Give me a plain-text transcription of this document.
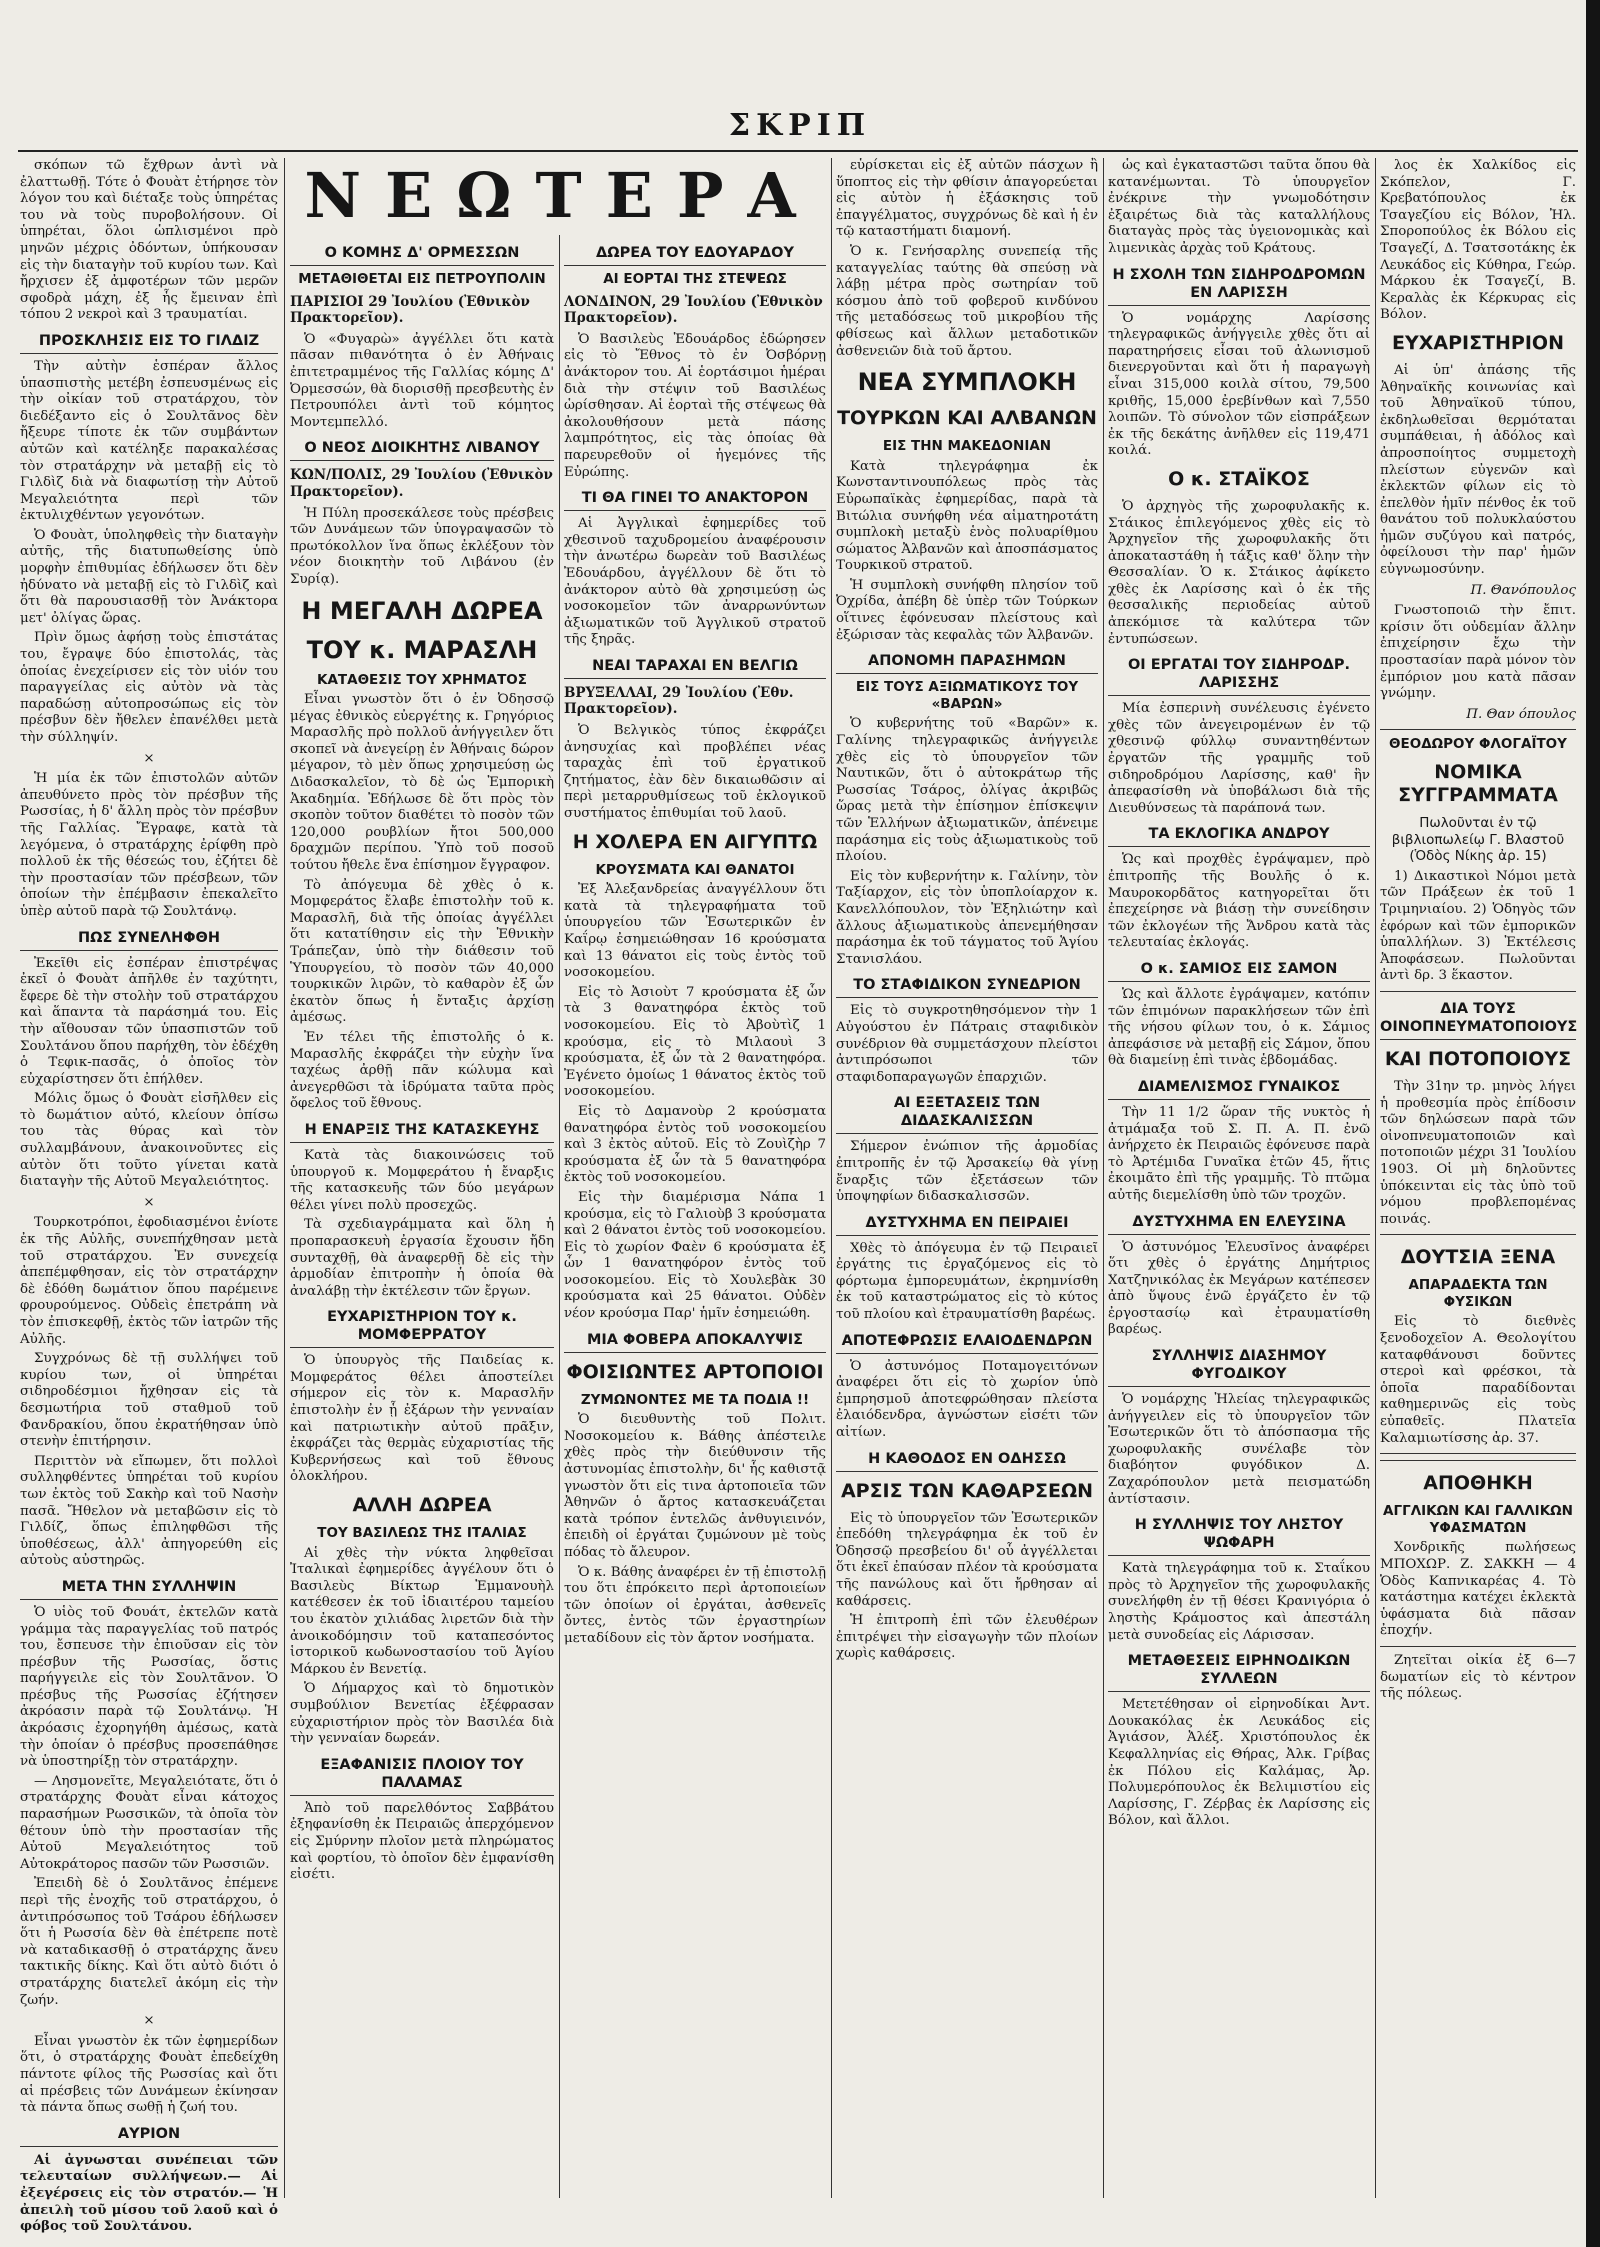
ΣΚΡΙΠ
ΝΕΩΤΕΡΑ

σκόπων τῶ ἔχθρων ἀντὶ νὰ ἐλαττωθῇ. Τότε ὁ Φουὰτ ἐτήρησε τὸν λόγον του καὶ διέταξε τοὺς ὑπηρέτας του νὰ τοὺς πυροβολήσουν. Οἱ ὑπηρέται, ὅλοι ὡπλισμένοι πρὸ μηνῶν μέχρις ὀδόντων, ὑπήκουσαν εἰς τὴν διαταγὴν τοῦ κυρίου των. Καὶ ἤρχισεν ἐξ ἀμφοτέρων τῶν μερῶν σφοδρὰ μάχη, ἐξ ἧς ἔμειναν ἐπὶ τόπου 2 νεκροὶ καὶ 3 τραυματίαι.

ΠΡΟΣΚΛΗΣΙΣ ΕΙΣ ΤΟ ΓΙΛΔΙΖ

Τὴν αὐτὴν ἑσπέραν ἄλλος ὑπασπιστὴς μετέβη ἐσπευσμένως εἰς τὴν οἰκίαν τοῦ στρατάρχου, τὸν διεδέξαντο εἰς ὁ Σουλτᾶνος δὲν ἤξευρε τίποτε ἐκ τῶν συμβάντων αὐτῶν καὶ κατέληξε παρακαλέσας τὸν στρατάρχην νὰ μεταβῇ εἰς τὸ Γιλδὶζ διὰ νὰ διαφωτίσῃ τὴν Αὐτοῦ Μεγαλειότητα περὶ τῶν ἐκτυλιχθέντων γεγονότων.

Ὁ Φουὰτ, ὑποληφθεὶς τὴν διαταγὴν αὐτῆς, τῆς διατυπωθείσης ὑπὸ μορφὴν ἐπιθυμίας ἐδήλωσεν ὅτι δὲν ἠδύνατο νὰ μεταβῇ εἰς τὸ Γιλδὶζ καὶ ὅτι θὰ παρουσιασθῇ τὸν Ἀνάκτορα μετ' ὀλίγας ὥρας.

Πρὶν ὅμως ἀφήσῃ τοὺς ἐπιστάτας του, ἔγραψε δύο ἐπιστολάς, τὰς ὁποίας ἐνεχείρισεν εἰς τὸν υἱόν του παραγγείλας εἰς αὐτὸν νὰ τὰς παραδώσῃ αὐτοπροσώπως εἰς τὸν πρέσβυν δὲν ἤθελεν ἐπανέλθει μετὰ τὴν σύλληψίν.

×

Ἡ μία ἐκ τῶν ἐπιστολῶν αὐτῶν ἀπευθύνετο πρὸς τὸν πρέσβυν τῆς Ρωσσίας, ἡ δ' ἄλλη πρὸς τὸν πρέσβυν τῆς Γαλλίας. Ἔγραφε, κατὰ τὰ λεγόμενα, ὁ στρατάρχης ἐρίφθη πρὸ πολλοῦ ἐκ τῆς θέσεώς του, ἐζήτει δὲ τὴν προστασίαν τῶν πρέσβεων, τῶν ὁποίων τὴν ἐπέμβασιν ἐπεκαλεῖτο ὑπὲρ αὐτοῦ παρὰ τῷ Σουλτάνῳ.

ΠΩΣ ΣΥΝΕΛΗΦΘΗ

Ἐκεῖθι εἰς ἐσπέραν ἐπιστρέψας ἐκεῖ ὁ Φουὰτ ἀπῆλθε ἐν ταχύτητι, ἔφερε δὲ τὴν στολὴν τοῦ στρατάρχου καὶ ἅπαντα τὰ παράσημά του. Εἰς τὴν αἴθουσαν τῶν ὑπασπιστῶν τοῦ Σουλτάνου ὅπου παρήχθη, τὸν ἐδέχθη ὁ Τεφικ-πασᾶς, ὁ ὁποῖος τὸν εὐχαρίστησεν ὅτι ἐπήλθεν.

Μόλις ὅμως ὁ Φουὰτ εἰσῆλθεν εἰς τὸ δωμάτιον αὐτό, κλείουν ὀπίσω του τὰς θύρας καὶ τὸν συλλαμβάνουν, ἀνακοινοῦντες εἰς αὐτὸν ὅτι τοῦτο γίνεται κατὰ διαταγὴν τῆς Αὐτοῦ Μεγαλειότητος.

×

Τουρκοτρόποι, ἐφοδιασμένοι ἐνίοτε ἐκ τῆς Αὐλῆς, συνεπήχθησαν μετὰ τοῦ στρατάρχου. Ἐν συνεχείᾳ ἀπεπέμφθησαν, εἰς τὸν στρατάρχην δὲ ἐδόθη δωμάτιον ὅπου παρέμεινε φρουρούμενος. Οὐδεὶς ἐπετράπη νὰ τὸν ἐπισκεφθῇ, ἐκτὸς τῶν ἰατρῶν τῆς Αὐλῆς.

Συγχρόνως δὲ τῇ συλλήψει τοῦ κυρίου των, οἱ ὑπηρέται σιδηροδέσμιοι ἤχθησαν εἰς τὰ δεσμωτήρια τοῦ σταθμοῦ τοῦ Φανδρακίου, ὅπου ἐκρατήθησαν ὑπὸ στενὴν ἐπιτήρησιν.

Περιττὸν νὰ εἴπωμεν, ὅτι πολλοὶ συλληφθέντες ὑπηρέται τοῦ κυρίου των ἐκτὸς τοῦ Σακὴρ καὶ τοῦ Νασὴν πασᾶ. Ἤθελον νὰ μεταβῶσιν εἰς τὸ Γιλδίζ, ὅπως ἐπιληφθῶσι τῆς ὑποθέσεως, ἀλλ' ἀπηγορεύθη εἰς αὐτοὺς αὐστηρῶς.

ΜΕΤΑ ΤΗΝ ΣΥΛΛΗΨΙΝ

Ὁ υἱὸς τοῦ Φουάτ, ἐκτελῶν κατὰ γράμμα τὰς παραγγελίας τοῦ πατρός του, ἔσπευσε τὴν ἐπιοῦσαν εἰς τὸν πρέσβυν τῆς Ρωσσίας, ὅστις παρήγγειλε εἰς τὸν Σουλτᾶνον. Ὁ πρέσβυς τῆς Ρωσσίας ἐζήτησεν ἀκρόασιν παρὰ τῷ Σουλτάνῳ. Ἡ ἀκρόασις ἐχορηγήθη ἀμέσως, κατὰ τὴν ὁποίαν ὁ πρέσβυς προσεπάθησε νὰ ὑποστηρίξῃ τὸν στρατάρχην.

— Λησμονεῖτε, Μεγαλειότατε, ὅτι ὁ στρατάρχης Φουὰτ εἶναι κάτοχος παρασήμων Ρωσσικῶν, τὰ ὁποῖα τὸν θέτουν ὑπὸ τὴν προστασίαν τῆς Αὐτοῦ Μεγαλειότητος τοῦ Αὐτοκράτορος πασῶν τῶν Ρωσσιῶν.

Ἐπειδὴ δὲ ὁ Σουλτᾶνος ἐπέμενε περὶ τῆς ἐνοχῆς τοῦ στρατάρχου, ὁ ἀντιπρόσωπος τοῦ Τσάρου ἐδήλωσεν ὅτι ἡ Ρωσσία δὲν θὰ ἐπέτρεπε ποτὲ νὰ καταδικασθῇ ὁ στρατάρχης ἄνευ τακτικῆς δίκης. Καὶ ὅτι αὐτὸ διότι ὁ στρατάρχης διατελεῖ ἀκόμη εἰς τὴν ζωήν.

×

Εἶναι γνωστὸν ἐκ τῶν ἐφημερίδων ὅτι, ὁ στρατάρχης Φουὰτ ἐπεδείχθη πάντοτε φίλος τῆς Ρωσσίας καὶ ὅτι αἱ πρέσβεις τῶν Δυνάμεων ἐκίνησαν τὰ πάντα ὅπως σωθῇ ἡ ζωή του.

ΑΥΡΙΟΝ

Αἱ ἀγνωσται συνέπειαι τῶν τελευταίων συλλήψεων.— Αἱ ἐξεγέρσεις εἰς τὸν στρατόν.— Ἡ ἀπειλὴ τοῦ μίσου τοῦ λαοῦ καὶ ὁ φόβος τοῦ Σουλτάνου.

Ο ΚΟΜΗΣ Δ' ΟΡΜΕΣΣΩΝ
ΜΕΤΑΘΙΘΕΤΑΙ ΕΙΣ ΠΕΤΡΟΥΠΟΛΙΝ
ΠΑΡΙΣΙΟΙ 29 Ἰουλίου (Ἐθνικὸν Πρακτορεῖον).

Ὁ «Φυγαρὼ» ἀγγέλλει ὅτι κατὰ πᾶσαν πιθανότητα ὁ ἐν Ἀθήναις ἐπιτετραμμένος τῆς Γαλλίας κόμης Δ' Ὀρμεσσών, θὰ διορισθῇ πρεσβευτὴς ἐν Πετρουπόλει ἀντὶ τοῦ κόμητος Μοντεμπελλό.

Ο ΝΕΟΣ ΔΙΟΙΚΗΤΗΣ ΛΙΒΑΝΟΥ
ΚΩΝ/ΠΟΛΙΣ, 29 Ἰουλίου (Ἐθνικὸν Πρακτορεῖον).

Ἡ Πύλη προσεκάλεσε τοὺς πρέσβεις τῶν Δυνάμεων τῶν ὑπογραψασῶν τὸ πρωτόκολλον ἵνα ὅπως ἐκλέξουν τὸν νέον διοικητὴν τοῦ Λιβάνου (ἐν Συρίᾳ).

Η ΜΕΓΑΛΗ ΔΩΡΕΑ
ΤΟΥ κ. ΜΑΡΑΣΛΗ
ΚΑΤΑΘΕΣΙΣ ΤΟΥ ΧΡΗΜΑΤΟΣ

Εἶναι γνωστὸν ὅτι ὁ ἐν Ὀδησσῷ μέγας ἐθνικὸς εὐεργέτης κ. Γρηγόριος Μαρασλῆς πρὸ πολλοῦ ἀνήγγειλεν ὅτι σκοπεῖ νὰ ἀνεγείρῃ ἐν Ἀθήναις δώρον μέγαρον, τὸ μὲν ὅπως χρησιμεύσῃ ὡς Διδασκαλεῖον, τὸ δὲ ὡς Ἐμπορικὴ Ἀκαδημία. Ἐδήλωσε δὲ ὅτι πρὸς τὸν σκοπὸν τοῦτον διαθέτει τὸ ποσὸν τῶν 120,000 ρουβλίων ἤτοι 500,000 δραχμῶν περίπου. Ὑπὸ τοῦ ποσοῦ τούτου ἤθελε ἔνα ἐπίσημον ἔγγραφον.

Τὸ ἀπόγευμα δὲ χθὲς ὁ κ. Μομφεράτος ἔλαβε ἐπιστολὴν τοῦ κ. Μαρασλῆ, διὰ τῆς ὁποίας ἀγγέλλει ὅτι κατατίθησιν εἰς τὴν Ἐθνικὴν Τράπεζαν, ὑπὸ τὴν διάθεσιν τοῦ Ὑπουργείου, τὸ ποσὸν τῶν 40,000 τουρκικῶν λιρῶν, τὸ καθαρὸν ἐξ ὧν ἑκατὸν ὅπως ἡ ἔνταξις ἀρχίσῃ ἀμέσως.

Ἐν τέλει τῆς ἐπιστολῆς ὁ κ. Μαρασλῆς ἐκφράζει τὴν εὐχὴν ἵνα ταχέως ἀρθῇ πᾶν κώλυμα καὶ ἀνεγερθῶσι τὰ ἱδρύματα ταῦτα πρὸς ὄφελος τοῦ ἔθνους.

Η ΕΝΑΡΞΙΣ ΤΗΣ ΚΑΤΑΣΚΕΥΗΣ

Κατὰ τὰς διακοινώσεις τοῦ ὑπουργοῦ κ. Μομφεράτου ἡ ἔναρξις τῆς κατασκευῆς τῶν δύο μεγάρων θέλει γίνει πολὺ προσεχῶς.

Τὰ σχεδιαγράμματα καὶ ὅλη ἡ προπαρασκευὴ ἐργασία ἔχουσιν ἤδη συνταχθῇ, θὰ ἀναφερθῇ δὲ εἰς τὴν ἁρμοδίαν ἐπιτροπὴν ἡ ὁποία θὰ ἀναλάβῃ τὴν ἐκτέλεσιν τῶν ἔργων.

ΕΥΧΑΡΙΣΤΗΡΙΟΝ ΤΟΥ κ. ΜΟΜΦΕΡΡΑΤΟΥ

Ὁ ὑπουργὸς τῆς Παιδείας κ. Μομφεράτος θέλει ἀποστείλει σήμερον εἰς τὸν κ. Μαρασλῆν ἐπιστολὴν ἐν ᾗ ἐξάρων τὴν γενναίαν καὶ πατριωτικὴν αὐτοῦ πρᾶξιν, ἐκφράζει τὰς θερμὰς εὐχαριστίας τῆς Κυβερνήσεως καὶ τοῦ ἔθνους ὁλοκλήρου.

ΑΛΛΗ ΔΩΡΕΑ
ΤΟΥ ΒΑΣΙΛΕΩΣ ΤΗΣ ΙΤΑΛΙΑΣ

Αἱ χθὲς τὴν νύκτα ληφθεῖσαι Ἰταλικαὶ ἐφημερίδες ἀγγέλουν ὅτι ὁ Βασιλεὺς Βίκτωρ Ἐμμανουὴλ κατέθεσεν ἐκ τοῦ ἰδιαιτέρου ταμείου του ἐκατὸν χιλιάδας λιρετῶν διὰ τὴν ἀνοικοδόμησιν τοῦ καταπεσόντος ἱστορικοῦ κωδωνοστασίου τοῦ Ἁγίου Μάρκου ἐν Βενετίᾳ.

Ὁ Δήμαρχος καὶ τὸ δημοτικὸν συμβούλιον Βενετίας ἐξέφρασαν εὐχαριστήριον πρὸς τὸν Βασιλέα διὰ τὴν γενναίαν δωρεάν.

ΕΞΑΦΑΝΙΣΙΣ ΠΛΟΙΟΥ ΤΟΥ ΠΑΛΑΜΑΣ

Ἀπὸ τοῦ παρελθόντος Σαββάτου ἐξηφανίσθη ἐκ Πειραιῶς ἀπερχόμενον εἰς Σμύρνην πλοῖον μετὰ πληρώματος καὶ φορτίου, τὸ ὁποῖον δὲν ἐμφανίσθη εἰσέτι.

ΔΩΡΕΑ ΤΟΥ ΕΔΟΥΑΡΔΟΥ
ΑΙ ΕΟΡΤΑΙ ΤΗΣ ΣΤΕΨΕΩΣ
ΛΟΝΔΙΝΟΝ, 29 Ἰουλίου (Ἐθνικὸν Πρακτορεῖον).

Ὁ Βασιλεὺς Ἐδουάρδος ἐδώρησεν εἰς τὸ Ἔθνος τὸ ἐν Ὀσβόρνῃ ἀνάκτορον του. Αἱ ἑορτάσιμοι ἡμέραι διὰ τὴν στέψιν τοῦ Βασιλέως ὡρίσθησαν. Αἱ ἑορταὶ τῆς στέψεως θὰ ἀκολουθήσουν μετὰ πάσης λαμπρότητος, εἰς τὰς ὁποίας θὰ παρευρεθοῦν οἱ ἡγεμόνες τῆς Εὐρώπης.

ΤΙ ΘΑ ΓΙΝΕΙ ΤΟ ΑΝΑΚΤΟΡΟΝ

Αἱ Ἀγγλικαὶ ἐφημερίδες τοῦ χθεσινοῦ ταχυδρομείου ἀναφέρουσιν τὴν ἀνωτέρω δωρεὰν τοῦ Βασιλέως Ἐδουάρδου, ἀγγέλλουν δὲ ὅτι τὸ ἀνάκτορον αὐτὸ θὰ χρησιμεύσῃ ὡς νοσοκομεῖον τῶν ἀναρρωνύντων ἀξιωματικῶν τοῦ Ἀγγλικοῦ στρατοῦ τῆς ξηρᾶς.

ΝΕΑΙ ΤΑΡΑΧΑΙ ΕΝ ΒΕΛΓΙΩ
ΒΡΥΞΕΛΛΑΙ, 29 Ἰουλίου (Ἐθν. Πρακτορεῖον).

Ὁ Βελγικὸς τύπος ἐκφράζει ἀνησυχίας καὶ προβλέπει νέας ταραχὰς ἐπὶ τοῦ ἐργατικοῦ ζητήματος, ἐὰν δὲν δικαιωθῶσιν αἱ περὶ μεταρρυθμίσεως τοῦ ἐκλογικοῦ συστήματος ἐπιθυμίαι τοῦ λαοῦ.

Η ΧΟΛΕΡΑ ΕΝ ΑΙΓΥΠΤΩ
ΚΡΟΥΣΜΑΤΑ ΚΑΙ ΘΑΝΑΤΟΙ

Ἐξ Ἀλεξανδρείας ἀναγγέλλουν ὅτι κατὰ τὰ τηλεγραφήματα τοῦ ὑπουργείου τῶν Ἐσωτερικῶν ἐν Καΐρῳ ἐσημειώθησαν 16 κρούσματα καὶ 13 θάνατοι εἰς τοὺς ἐντὸς τοῦ νοσοκομείου.

Εἰς τὸ Ἀσιοὺτ 7 κρούσματα ἐξ ὧν τὰ 3 θανατηφόρα ἐκτὸς τοῦ νοσοκομείου. Εἰς τὸ Ἀβοὺτὶζ 1 κρούσμα, εἰς τὸ Μιλαουὶ 3 κρούσματα, ἐξ ὧν τὰ 2 θανατηφόρα. Ἐγένετο ὁμοίως 1 θάνατος ἐκτὸς τοῦ νοσοκομείου.

Εἰς τὸ Δαμανοὺρ 2 κρούσματα θανατηφόρα ἐντὸς τοῦ νοσοκομείου καὶ 3 ἐκτὸς αὐτοῦ. Εἰς τὸ Ζουὶζὴρ 7 κρούσματα ἐξ ὧν τὰ 5 θανατηφόρα ἐκτὸς τοῦ νοσοκομείου.

Εἰς τὴν διαμέρισμα Νάπα 1 κρούσμα, εἰς τὸ Γαλιοὺβ 3 κρούσματα καὶ 2 θάνατοι ἐντὸς τοῦ νοσοκομείου. Εἰς τὸ χωρίον Φαὲν 6 κρούσματα ἐξ ὧν 1 θανατηφόρον ἐντὸς τοῦ νοσοκομείου. Εἰς τὸ Χουλεβὰκ 30 κρούσματα καὶ 25 θάνατοι. Οὐδὲν νέον κρούσμα Παρ' ἡμῖν ἐσημειώθη.

ΜΙΑ ΦΟΒΕΡΑ ΑΠΟΚΑΛΥΨΙΣ
ΦΟΙΣΙΩΝΤΕΣ ΑΡΤΟΠΟΙΟΙ
ΖΥΜΩΝΟΝΤΕΣ ΜΕ ΤΑ ΠΟΔΙΑ !!

Ὁ διευθυντὴς τοῦ Πολιτ. Νοσοκομείου κ. Βάθης ἀπέστειλε χθὲς πρὸς τὴν διεύθυνσιν τῆς ἀστυνομίας ἐπιστολὴν, δι' ἧς καθιστᾷ γνωστὸν ὅτι εἰς τινα ἀρτοποιεῖα τῶν Ἀθηνῶν ὁ ἄρτος κατασκευάζεται κατὰ τρόπον ἐντελῶς ἀνθυγιεινόν, ἐπειδὴ οἱ ἐργάται ζυμώνουν μὲ τοὺς πόδας τὸ ἄλευρον.

Ὁ κ. Βάθης ἀναφέρει ἐν τῇ ἐπιστολῇ του ὅτι ἐπρόκειτο περὶ ἀρτοποιείων τῶν ὁποίων οἱ ἐργάται, ἀσθενεῖς ὄντες, ἐντὸς τῶν ἐργαστηρίων μεταδίδουν εἰς τὸν ἄρτον νοσήματα.

εὑρίσκεται εἰς ἐξ αὐτῶν πάσχων ἢ ὕποπτος εἰς τὴν φθίσιν ἀπαγορεύεται εἰς αὐτὸν ἡ ἐξάσκησις τοῦ ἐπαγγέλματος, συγχρόνως δὲ καὶ ἡ ἐν τῷ καταστήματι διαμονή.

Ὁ κ. Γενήσαρλης συνεπείᾳ τῆς καταγγελίας ταύτης θὰ σπεύσῃ νὰ λάβῃ μέτρα πρὸς σωτηρίαν τοῦ κόσμου ἀπὸ τοῦ φοβεροῦ κινδύνου τῆς μεταδόσεως τοῦ μικροβίου τῆς φθίσεως καὶ ἄλλων μεταδοτικῶν ἀσθενειῶν διὰ τοῦ ἄρτου.

ΝΕΑ ΣΥΜΠΛΟΚΗ
ΤΟΥΡΚΩΝ ΚΑΙ ΑΛΒΑΝΩΝ
ΕΙΣ ΤΗΝ ΜΑΚΕΔΟΝΙΑΝ

Κατὰ τηλεγράφημα ἐκ Κωνσταντινουπόλεως πρὸς τὰς Εὐρωπαϊκὰς ἐφημερίδας, παρὰ τὰ Βιτώλια συνήφθη νέα αἱματηροτάτη συμπλοκὴ μεταξὺ ἑνὸς πολυαρίθμου σώματος Ἀλβανῶν καὶ ἀποσπάσματος Τουρκικοῦ στρατοῦ.

Ἡ συμπλοκὴ συνήφθη πλησίον τοῦ Ὀχρίδα, ἀπέβη δὲ ὑπὲρ τῶν Τούρκων οἵτινες ἐφόνευσαν πλείστους καὶ ἐξώρισαν τὰς κεφαλὰς τῶν Ἀλβανῶν.

ΑΠΟΝΟΜΗ ΠΑΡΑΣΗΜΩΝ
ΕΙΣ ΤΟΥΣ ΑΞΙΩΜΑΤΙΚΟΥΣ ΤΟΥ «ΒΑΡΩΝ»

Ὁ κυβερνήτης τοῦ «Βαρῶν» κ. Γαλίνης τηλεγραφικῶς ἀνήγγειλε χθὲς εἰς τὸ ὑπουργεῖον τῶν Ναυτικῶν, ὅτι ὁ αὐτοκράτωρ τῆς Ρωσσίας Τσάρος, ὀλίγας ἀκριβῶς ὥρας μετὰ τὴν ἐπίσημον ἐπίσκεψιν τῶν Ἑλλήνων ἀξιωματικῶν, ἀπένειμε παράσημα εἰς τοὺς ἀξιωματικοὺς τοῦ πλοίου.

Εἰς τὸν κυβερνήτην κ. Γαλίνην, τὸν Ταξίαρχον, εἰς τὸν ὑποπλοίαρχον κ. Κανελλόπουλον, τὸν Ἐξηλιώτην καὶ ἄλλους ἀξιωματικοὺς ἀπενεμήθησαν παράσημα ἐκ τοῦ τάγματος τοῦ Ἁγίου Στανισλάου.

ΤΟ ΣΤΑΦΙΔΙΚΟΝ ΣΥΝΕΔΡΙΟΝ

Εἰς τὸ συγκροτηθησόμενον τὴν 1 Αὐγούστου ἐν Πάτραις σταφιδικὸν συνέδριον θὰ συμμετάσχουν πλείστοι ἀντιπρόσωποι τῶν σταφιδοπαραγωγῶν ἐπαρχιῶν.

ΑΙ ΕΞΕΤΑΣΕΙΣ ΤΩΝ ΔΙΔΑΣΚΑΛΙΣΣΩΝ

Σήμερον ἐνώπιον τῆς ἁρμοδίας ἐπιτροπῆς ἐν τῷ Ἀρσακείῳ θὰ γίνῃ ἔναρξις τῶν ἐξετάσεων τῶν ὑποψηφίων διδασκαλισσῶν.

ΔΥΣΤΥΧΗΜΑ ΕΝ ΠΕΙΡΑΙΕΙ

Χθὲς τὸ ἀπόγευμα ἐν τῷ Πειραιεῖ ἐργάτης τις ἐργαζόμενος εἰς τὸ φόρτωμα ἐμπορευμάτων, ἐκρημνίσθη ἐκ τοῦ καταστρώματος εἰς τὸ κύτος τοῦ πλοίου καὶ ἐτραυματίσθη βαρέως.

ΑΠΟΤΕΦΡΩΣΙΣ ΕΛΑΙΟΔΕΝΔΡΩΝ

Ὁ ἀστυνόμος Ποταμογειτόνων ἀναφέρει ὅτι εἰς τὸ χωρίον ὑπὸ ἐμπρησμοῦ ἀποτεφρώθησαν πλείστα ἐλαιόδενδρα, ἀγνώστων εἰσέτι τῶν αἰτίων.

Η ΚΑΘΟΔΟΣ ΕΝ ΟΔΗΣΣΩ
ΑΡΣΙΣ ΤΩΝ ΚΑΘΑΡΣΕΩΝ

Εἰς τὸ ὑπουργεῖον τῶν Ἐσωτερικῶν ἐπεδόθη τηλεγράφημα ἐκ τοῦ ἐν Ὀδησσῷ πρεσβείου δι' οὗ ἀγγέλλεται ὅτι ἐκεῖ ἐπαύσαν πλέον τὰ κρούσματα τῆς πανώλους καὶ ὅτι ἤρθησαν αἱ καθάρσεις.

Ἡ ἐπιτροπὴ ἐπὶ τῶν ἐλευθέρων ἐπιτρέψει τὴν εἰσαγωγὴν τῶν πλοίων χωρὶς καθάρσεις.

ὡς καὶ ἐγκαταστῶσι ταῦτα ὅπου θὰ κατανέμωνται. Τὸ ὑπουργεῖον ἐνέκρινε τὴν γνωμοδότησιν ἐξαιρέτως διὰ τὰς καταλλήλους διαταγὰς πρὸς τὰς ὑγειονομικὰς καὶ λιμενικὰς ἀρχὰς τοῦ Κράτους.

Η ΣΧΟΛΗ ΤΩΝ ΣΙΔΗΡΟΔΡΟΜΩΝ ΕΝ ΛΑΡΙΣΣΗ

Ὁ νομάρχης Λαρίσσης τηλεγραφικῶς ἀνήγγειλε χθὲς ὅτι αἱ παρατηρήσεις εἶσαι τοῦ ἀλωνισμοῦ διενεργοῦνται καὶ ὅτι ἡ παραγωγὴ εἶναι 315,000 κοιλὰ σίτου, 79,500 κριθῆς, 15,000 ἐρεβίνθων καὶ 7,550 λοιπῶν. Τὸ σύνολον τῶν εἰσπράξεων ἐκ τῆς δεκάτης ἀνῆλθεν εἰς 119,471 κοιλά.

Ο κ. ΣΤΑΪΚΟΣ

Ὁ ἀρχηγὸς τῆς χωροφυλακῆς κ. Στάικος ἐπιλεγόμενος χθὲς εἰς τὸ Ἀρχηγεῖον τῆς χωροφυλακῆς ὅτι ἀποκαταστάθη ἡ τάξις καθ' ὅλην τὴν Θεσσαλίαν. Ὁ κ. Στάικος ἀφίκετο χθὲς ἐκ Λαρίσσης καὶ ὁ ἐκ τῆς θεσσαλικῆς περιοδείας αὐτοῦ ἀπεκόμισε τὰ καλύτερα τῶν ἐντυπώσεων.

ΟΙ ΕΡΓΑΤΑΙ ΤΟΥ ΣΙΔΗΡΟΔΡ. ΛΑΡΙΣΣΗΣ

Μία ἐσπερινὴ συνέλευσις ἐγένετο χθὲς τῶν ἀνεγειρομένων ἐν τῷ χθεσινῷ φύλλῳ συναντηθέντων ἐργατῶν τῆς γραμμῆς τοῦ σιδηροδρόμου Λαρίσσης, καθ' ἣν ἀπεφασίσθη νὰ ὑποβάλωσι διὰ τῆς Διευθύνσεως τὰ παράπονά των.

ΤΑ ΕΚΛΟΓΙΚΑ ΑΝΔΡΟΥ

Ὡς καὶ προχθὲς ἐγράψαμεν, πρὸ ἐπιτροπῆς τῆς Βουλῆς ὁ κ. Μαυροκορδᾶτος κατηγορεῖται ὅτι ἐπεχείρησε νὰ βιάσῃ τὴν συνείδησιν τῶν ἐκλογέων τῆς Ἄνδρου κατὰ τὰς τελευταίας ἐκλογάς.

Ο κ. ΣΑΜΙΟΣ ΕΙΣ ΣΑΜΟΝ

Ὡς καὶ ἄλλοτε ἐγράψαμεν, κατόπιν τῶν ἐπιμόνων παρακλήσεων τῶν ἐπὶ τῆς νήσου φίλων του, ὁ κ. Σάμιος ἀπεφάσισε νὰ μεταβῇ εἰς Σάμον, ὅπου θὰ διαμείνῃ ἐπὶ τινὰς ἑβδομάδας.

ΔΙΑΜΕΛΙΣΜΟΣ ΓΥΝΑΙΚΟΣ

Τὴν 11 1/2 ὥραν τῆς νυκτὸς ἡ ἀτμάμαξα τοῦ Σ. Π. Α. Π. ἐνῶ ἀνήρχετο ἐκ Πειραιῶς ἐφόνευσε παρὰ τὸ Ἀρτέμιδα Γυναῖκα ἐτῶν 45, ἥτις ἐκοιμᾶτο ἐπὶ τῆς γραμμῆς. Τὸ πτῶμα αὐτῆς διεμελίσθη ὑπὸ τῶν τροχῶν.

ΔΥΣΤΥΧΗΜΑ ΕΝ ΕΛΕΥΣΙΝΑ

Ὁ ἀστυνόμος Ἐλευσῖνος ἀναφέρει ὅτι χθὲς ὁ ἐργάτης Δημήτριος Χατζηνικόλας ἐκ Μεγάρων κατέπεσεν ἀπὸ ὕψους ἐνῶ ἐργάζετο ἐν τῷ ἐργοστασίῳ καὶ ἐτραυματίσθη βαρέως.

ΣΥΛΛΗΨΙΣ ΔΙΑΣΗΜΟΥ ΦΥΓΟΔΙΚΟΥ

Ὁ νομάρχης Ἠλείας τηλεγραφικῶς ἀνήγγειλεν εἰς τὸ ὑπουργεῖον τῶν Ἐσωτερικῶν ὅτι τὸ ἀπόσπασμα τῆς χωροφυλακῆς συνέλαβε τὸν διαβόητον φυγόδικον Δ. Ζαχαρόπουλον μετὰ πεισματώδη ἀντίστασιν.

Η ΣΥΛΛΗΨΙΣ ΤΟΥ ΛΗΣΤΟΥ ΨΩΦΑΡΗ

Κατὰ τηλεγράφημα τοῦ κ. Σταΐκου πρὸς τὸ Ἀρχηγεῖον τῆς χωροφυλακῆς συνελήφθη ἐν τῇ θέσει Κρανιγόρια ὁ ληστὴς Κράμοστος καὶ ἀπεστάλη μετὰ συνοδείας εἰς Λάρισσαν.

ΜΕΤΑΘΕΣΕΙΣ ΕΙΡΗΝΟΔΙΚΩΝ ΣΥΛΛΕΩΝ

Μετετέθησαν οἱ εἰρηνοδίκαι Ἀντ. Δουκακόλας ἐκ Λευκάδος εἰς Ἀγιάσον, Ἀλέξ. Χριστόπουλος ἐκ Κεφαλληνίας εἰς Θήρας, Ἀλκ. Γρίβας ἐκ Πόλου εἰς Καλάμας, Ἀρ. Πολυμερόπουλος ἐκ Βελιμιστίου εἰς Λαρίσσης, Γ. Ζέρβας ἐκ Λαρίσσης εἰς Βόλον, καὶ ἄλλοι.

λος ἐκ Χαλκίδος εἰς Σκόπελον, Γ. Κρεβατόπουλος ἐκ Τσαγεζίου εἰς Βόλον, Ἠλ. Σποροπούλος ἐκ Βόλου εἰς Τσαγεζί, Δ. Τσατσοτάκης ἐκ Λευκάδος εἰς Κύθηρα, Γεώρ. Μάρκου ἐκ Τσαγεζί, Β. Κεραλὰς ἐκ Κέρκυρας εἰς Βόλον.

ΕΥΧΑΡΙΣΤΗΡΙΟΝ

Αἱ ὑπ' ἀπάσης τῆς Ἀθηναϊκῆς κοινωνίας καὶ τοῦ Ἀθηναϊκοῦ τύπου, ἐκδηλωθεῖσαι θερμόταται συμπάθειαι, ἡ ἀδόλος καὶ ἀπροσποίητος συμμετοχὴ πλείστων εὐγενῶν καὶ ἐκλεκτῶν φίλων εἰς τὸ ἐπελθὸν ἡμῖν πένθος ἐκ τοῦ θανάτου τοῦ πολυκλαύστου ἡμῶν συζύγου καὶ πατρός, ὀφείλουσι τὴν παρ' ἡμῶν εὐγνωμοσύνην.

Π. Θανόπουλος

Γνωστοποιῶ τὴν ἔπιτ. κρίσιν ὅτι οὐδεμίαν ἄλλην ἐπιχείρησιν ἔχω τὴν προστασίαν παρὰ μόνον τὸν ἐμπόριον μου κατὰ πᾶσαν γνώμην.

Π. Θαν όπουλος
ΘΕΟΔΩΡΟΥ ΦΛΟΓΑΪΤΟΥ
ΝΟΜΙΚΑ ΣΥΓΓΡΑΜΜΑΤΑ
Πωλοῦνται ἐν τῷ βιβλιοπωλείῳ Γ. Βλαστοῦ (Ὁδὸς Νίκης ἀρ. 15)

1) Δικαστικοὶ Νόμοι μετὰ τῶν Πράξεων ἐκ τοῦ 1 Τριμηνιαίου. 2) Ὁδηγὸς τῶν ἐφόρων καὶ τῶν ἐμπορικῶν ὑπαλλήλων. 3) Ἐκτέλεσις Ἀποφάσεων. Πωλοῦνται ἀντὶ δρ. 3 ἕκαστον.

ΔΙΑ ΤΟΥΣ ΟΙΝΟΠΝΕΥΜΑΤΟΠΟΙΟΥΣ
ΚΑΙ ΠΟΤΟΠΟΙΟΥΣ

Τὴν 31ην τρ. μηνὸς λήγει ἡ προθεσμία πρὸς ἐπίδοσιν τῶν δηλώσεων παρὰ τῶν οἰνοπνευματοποιῶν καὶ ποτοποιῶν μέχρι 31 Ἰουλίου 1903. Οἱ μὴ δηλοῦντες ὑπόκεινται εἰς τὰς ὑπὸ τοῦ νόμου προβλεπομένας ποινάς.

ΔΟΥΤΣΙΑ ΞΕΝΑ
ΑΠΑΡΑΔΕΚΤΑ ΤΩΝ ΦΥΣΙΚΩΝ

Εἰς τὸ διεθνὲς ξενοδοχεῖον Α. Θεολογίτου καταφθάνουσι δοῦντες στεροὶ καὶ φρέσκοι, τὰ ὁποῖα παραδίδονται καθημερινῶς εἰς τοὺς εὐπαθεῖς. Πλατεῖα Καλαμιωτίσσης ἀρ. 37.

ΑΠΟΘΗΚΗ
ΑΓΓΛΙΚΩΝ ΚΑΙ ΓΑΛΛΙΚΩΝ ΥΦΑΣΜΑΤΩΝ

Χονδρικῆς πωλήσεως ΜΠΟΧΩΡ. Ζ. ΣΑΚΚΗ — 4 Ὁδὸς Καπνικαρέας 4. Τὸ κατάστημα κατέχει ἐκλεκτὰ ὑφάσματα διὰ πᾶσαν ἐποχήν.

Ζητεῖται οἰκία ἐξ 6—7 δωματίων εἰς τὸ κέντρον τῆς πόλεως.
